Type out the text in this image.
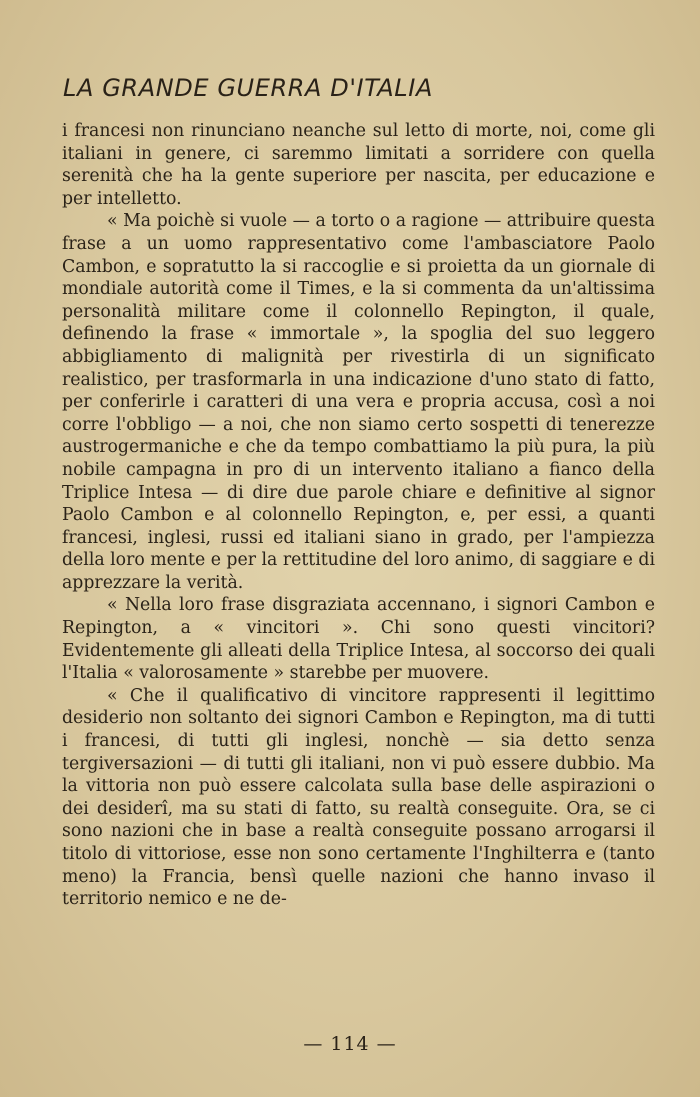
LA GRANDE GUERRA D'ITALIA

i francesi non rinunciano neanche sul letto di morte, noi, come gli italiani in genere, ci saremmo limitati a sorridere con quella serenità che ha la gente superiore per nascita, per educazione e per intelletto.

« Ma poichè si vuole — a torto o a ragione — attribuire questa frase a un uomo rappresentativo come l'ambasciatore Paolo Cambon, e sopratutto la si raccoglie e si proietta da un giornale di mondiale autorità come il Times, e la si commenta da un'altissima personalità militare come il colonnello Repington, il quale, definendo la frase « immortale », la spoglia del suo leggero abbigliamento di malignità per rivestirla di un significato realistico, per trasformarla in una indicazione d'uno stato di fatto, per conferirle i caratteri di una vera e propria accusa, così a noi corre l'obbligo — a noi, che non siamo certo sospetti di tenerezze austrogermaniche e che da tempo combattiamo la più pura, la più nobile campagna in pro di un intervento italiano a fianco della Triplice Intesa — di dire due parole chiare e definitive al signor Paolo Cambon e al colonnello Repington, e, per essi, a quanti francesi, inglesi, russi ed italiani siano in grado, per l'ampiezza della loro mente e per la rettitudine del loro animo, di saggiare e di apprezzare la verità.

« Nella loro frase disgraziata accennano, i signori Cambon e Repington, a « vincitori ». Chi sono questi vincitori? Evidentemente gli alleati della Triplice Intesa, al soccorso dei quali l'Italia « valorosamente » starebbe per muovere.

« Che il qualificativo di vincitore rappresenti il legittimo desiderio non soltanto dei signori Cambon e Repington, ma di tutti i francesi, di tutti gli inglesi, nonchè — sia detto senza tergiversazioni — di tutti gli italiani, non vi può essere dubbio. Ma la vittoria non può essere calcolata sulla base delle aspirazioni o dei desiderî, ma su stati di fatto, su realtà conseguite. Ora, se ci sono nazioni che in base a realtà conseguite possano arrogarsi il titolo di vittoriose, esse non sono certamente l'Inghilterra e (tanto meno) la Francia, bensì quelle nazioni che hanno invaso il territorio nemico e ne de-

— 114 —
